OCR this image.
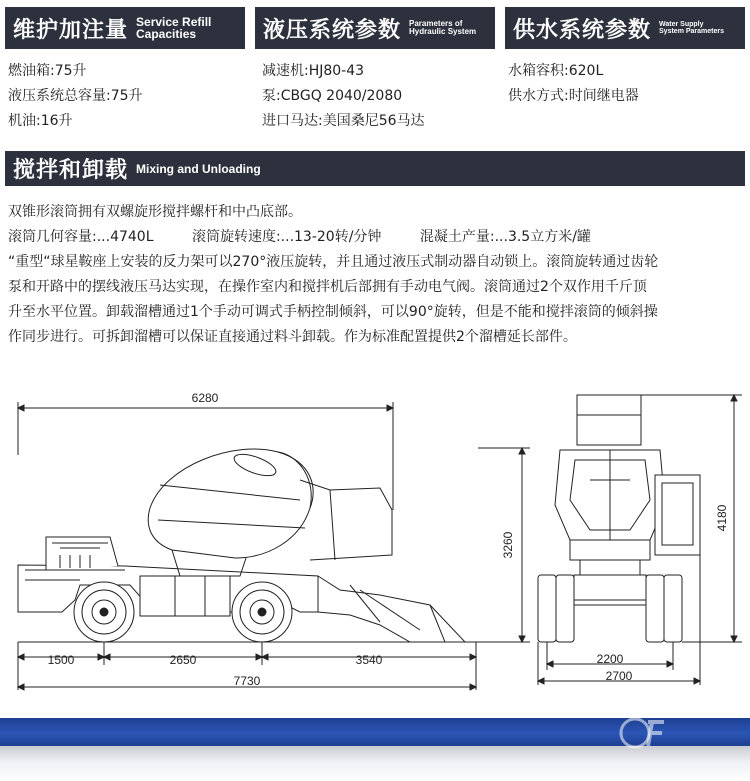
维护加注量 Service Refill
Capacities	液压系统参数 Parameters of
Hydraulic System 供水系统参数 Water Supply
System Parameters
燃油箱:75升
液压系统总容量:75升
机油:16升
减速机:HJ80-43
泵:CBGQ 2040/2080
进口马达:美国桑尼56马达
水箱容积:620L
供水方式:时间继电器
搅拌和卸载 Mixing and Unloading
双锥形滚筒拥有双螺旋形搅拌螺杆和中凸底部。
滚筒几何容量:...4740L	滚筒旋转速度:...13-20转/分钟	混凝土产量:...3.5立方米/罐
“重型“球星鞍座上安装的反力架可以270°液压旋转，并且通过液压式制动器自动锁上。滚筒旋转通过齿轮
泵和开路中的摆线液压马达实现，在操作室内和搅拌机后部拥有手动电气阀。滚筒通过2个双作用千斤顶
升至水平位置。卸载溜槽通过1个手动可调式手柄控制倾斜，可以90°旋转，但是不能和搅拌滚筒的倾斜操
作同步进行。可拆卸溜槽可以保证直接通过料斗卸载。作为标准配置提供2个溜槽延长部件。
6280
1500	2650	3540
7730
3260
4180
2200
2700
